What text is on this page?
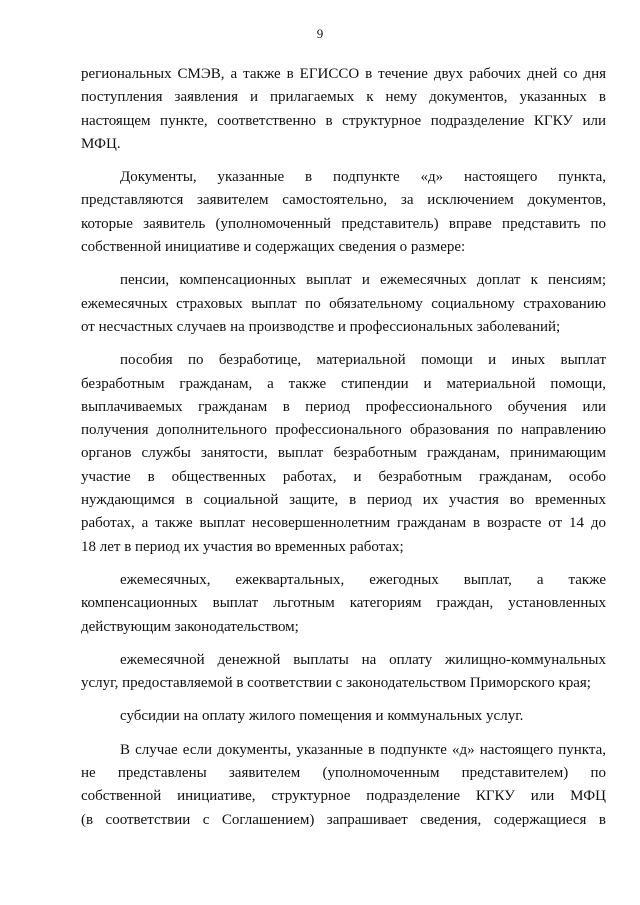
9
региональных СМЭВ, а также в ЕГИССО в течение двух рабочих дней со дня
поступления заявления и прилагаемых к нему документов, указанных в
настоящем пункте, соответственно в структурное подразделение КГКУ или
МФЦ.
Документы, указанные в подпункте «д» настоящего пункта,
представляются заявителем самостоятельно, за исключением документов,
которые заявитель (уполномоченный представитель) вправе представить по
собственной инициативе и содержащих сведения о размере:
пенсии, компенсационных выплат и ежемесячных доплат к пенсиям;
ежемесячных страховых выплат по обязательному социальному страхованию
от несчастных случаев на производстве и профессиональных заболеваний;
пособия по безработице, материальной помощи и иных выплат
безработным гражданам, а также стипендии и материальной помощи,
выплачиваемых гражданам в период профессионального обучения или
получения дополнительного профессионального образования по направлению
органов службы занятости, выплат безработным гражданам, принимающим
участие в общественных работах, и безработным гражданам, особо
нуждающимся в социальной защите, в период их участия во временных
работах, а также выплат несовершеннолетним гражданам в возрасте от 14 до
18 лет в период их участия во временных работах;
ежемесячных, ежеквартальных, ежегодных выплат, а также
компенсационных выплат льготным категориям граждан, установленных
действующим законодательством;
ежемесячной денежной выплаты на оплату жилищно-коммунальных
услуг, предоставляемой в соответствии с законодательством Приморского края;
субсидии на оплату жилого помещения и коммунальных услуг.
В случае если документы, указанные в подпункте «д» настоящего пункта,
не представлены заявителем (уполномоченным представителем) по
собственной инициативе, структурное подразделение КГКУ или МФЦ
(в соответствии с Соглашением) запрашивает сведения, содержащиеся в
